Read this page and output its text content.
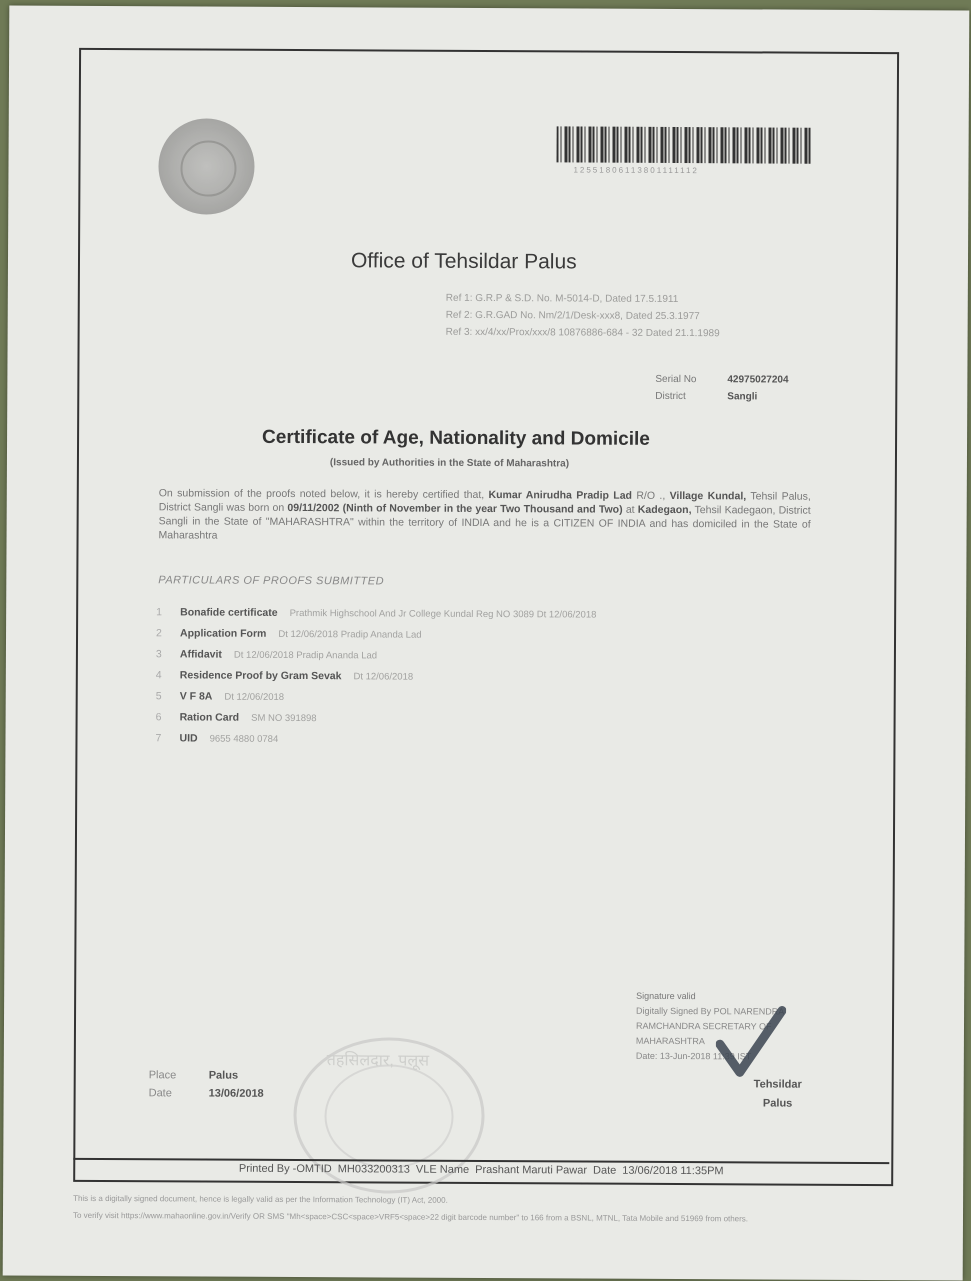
12551806113801111112
Office of Tehsildar Palus
Ref 1: G.R.P & S.D. No. M-5014-D, Dated 17.5.1911
Ref 2: G.R.GAD No. Nm/2/1/Desk-xxx8, Dated 25.3.1977
Ref 3: xx/4/xx/Prox/xxx/8 10876886-684 - 32 Dated 21.1.1989
Serial No	42975027204
District	Sangli
Certificate of Age, Nationality and Domicile
(Issued by Authorities in the State of Maharashtra)
On submission of the proofs noted below, it is hereby certified that, Kumar Anirudha Pradip Lad R/O ., Village Kundal, Tehsil Palus, District Sangli was born on 09/11/2002 (Ninth of November in the year Two Thousand and Two) at Kadegaon, Tehsil Kadegaon, District Sangli in the State of "MAHARASHTRA" within the territory of INDIA and he is a CITIZEN OF INDIA and has domiciled in the State of Maharashtra
PARTICULARS OF PROOFS SUBMITTED
1 Bonafide certificate Prathmik Highschool And Jr College Kundal Reg NO 3089 Dt 12/06/2018
2 Application Form Dt 12/06/2018 Pradip Ananda Lad
3 Affidavit Dt 12/06/2018 Pradip Ananda Lad
4 Residence Proof by Gram Sevak Dt 12/06/2018
5 V F 8A Dt 12/06/2018
6 Ration Card SM NO 391898
7 UID 9655 4880 0784
तहसिलदार, पलूस
Place	Palus
Date	13/06/2018
Signature valid
Digitally Signed By POL NARENDRA
RAMCHANDRA SECRETARY OF
MAHARASHTRA
Date: 13-Jun-2018 11:39 IST
Tehsildar
Palus
Printed By -OMTID MH033200313 VLE Name Prashant Maruti Pawar Date 13/06/2018 11:35PM
This is a digitally signed document, hence is legally valid as per the Information Technology (IT) Act, 2000.
To verify visit https://www.mahaonline.gov.in/Verify OR SMS "Mh<space>CSC<space>VRF5<space>22 digit barcode number" to 166 from a BSNL, MTNL, Tata Mobile and 51969 from others.
